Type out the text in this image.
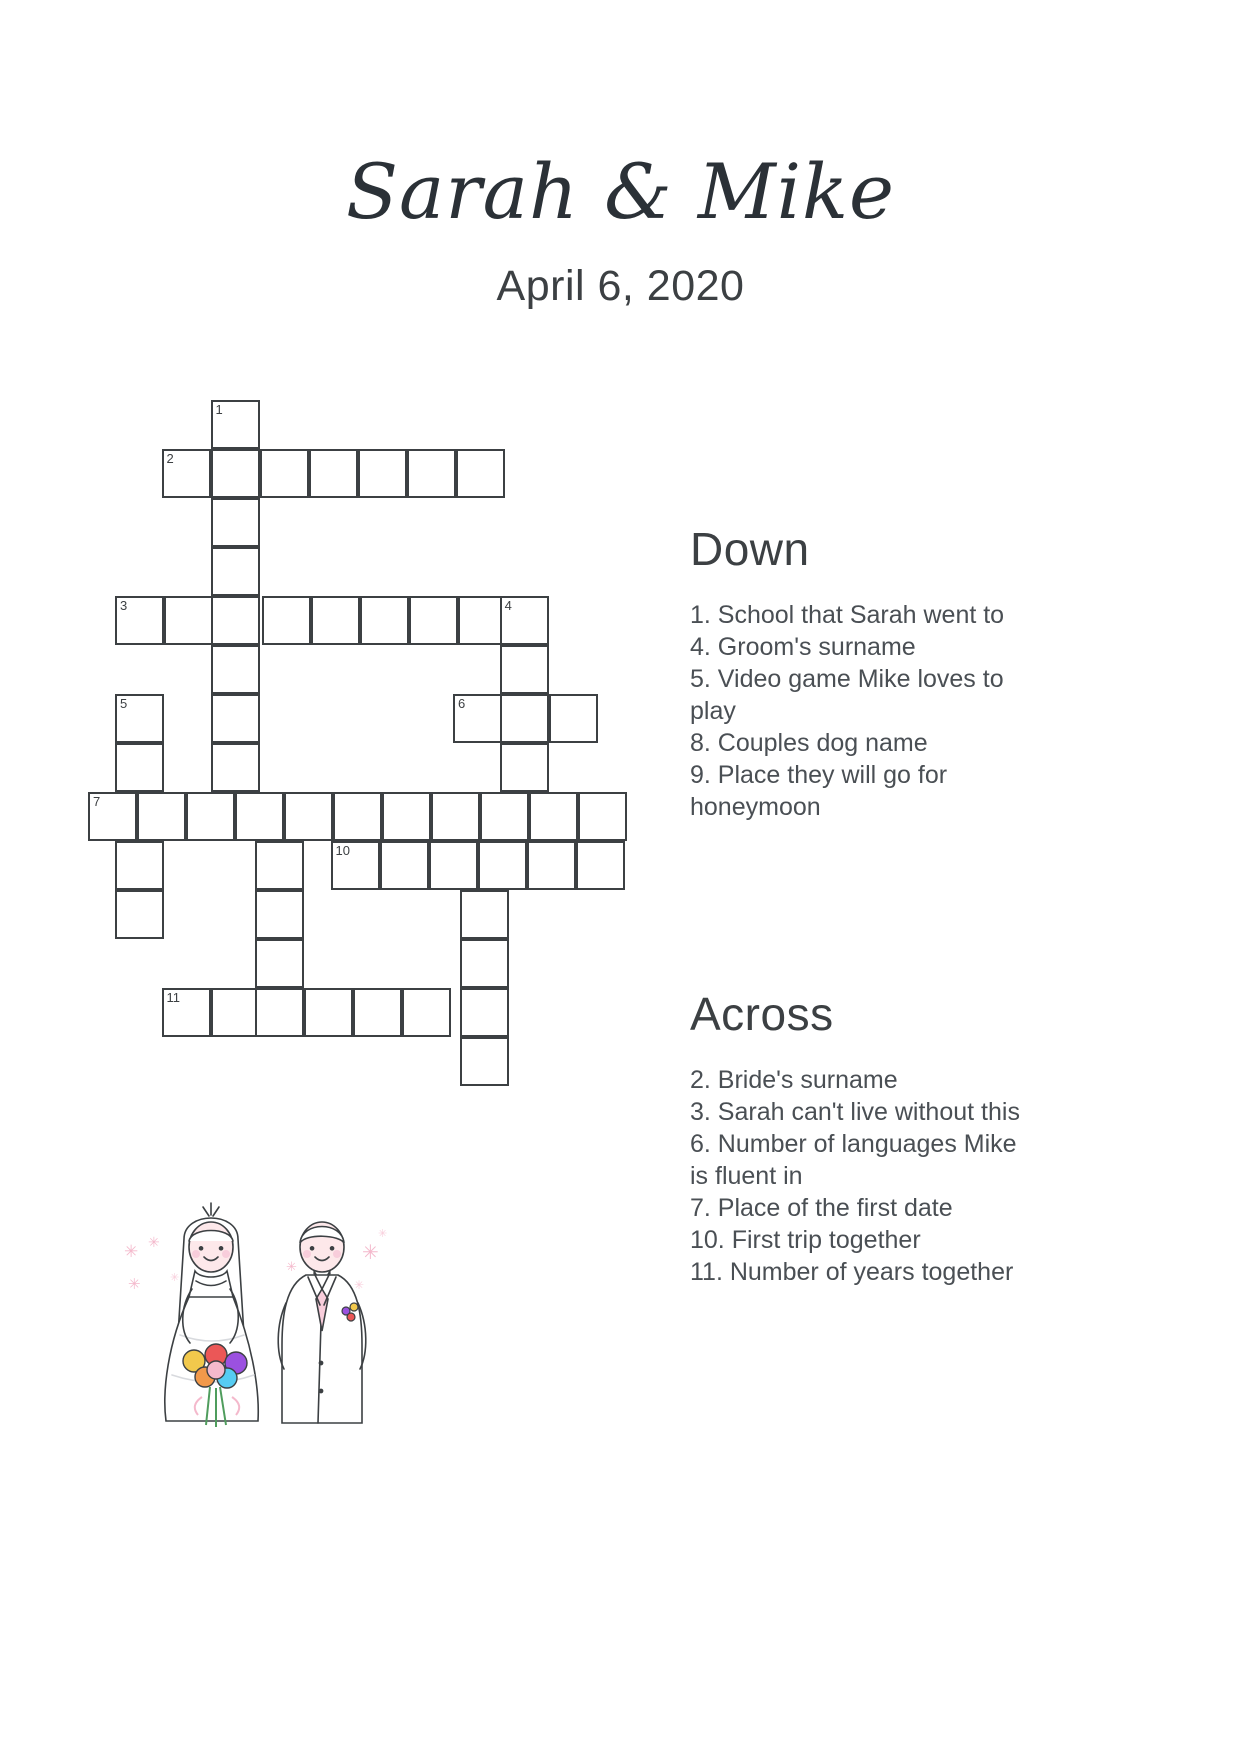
Sarah & Mike
April 6, 2020
1
2
3	4
5	6
7
10
11
Down
1. School that Sarah went to
4. Groom's surname
5. Video game Mike loves to play
8. Couples dog name
9. Place they will go for honeymoon
Across
2. Bride's surname
3. Sarah can't live without this
6. Number of languages Mike is fluent in
7. Place of the first date
10. First trip together
11. Number of years together
✳ ✳
✳	✳
✳
✳
✳
✳
